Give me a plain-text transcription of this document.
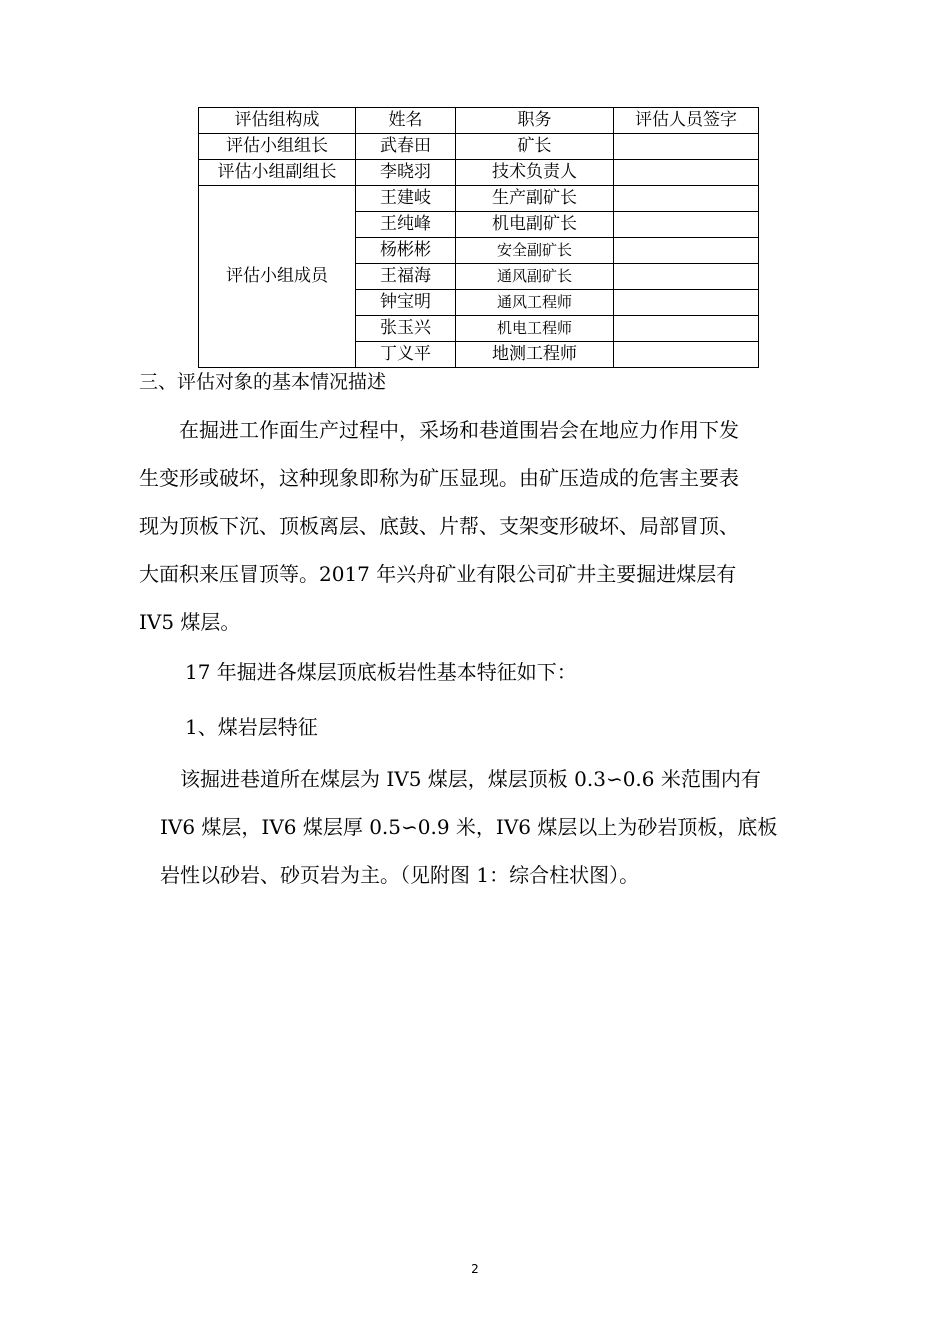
评估组构成	姓名	职务	评估人员签字
评估小组组长	武春田	矿长	
评估小组副组长	李晓羽	技术负责人	
评估小组成员	王建岐	生产副矿长	
	王纯峰	机电副矿长	
	杨彬彬	安全副矿长	
	王福海	通风副矿长	
	钟宝明	通风工程师	
	张玉兴	机电工程师	
	丁义平	地测工程师	
三、评估对象的基本情况描述
　　在掘进工作面生产过程中，采场和巷道围岩会在地应力作用下发
生变形或破坏，这种现象即称为矿压显现。由矿压造成的危害主要表
现为顶板下沉、顶板离层、底鼓、片帮、支架变形破坏、局部冒顶、
大面积来压冒顶等。2017 年兴舟矿业有限公司矿井主要掘进煤层有
IV5 煤层。
17 年掘进各煤层顶底板岩性基本特征如下：
1、煤岩层特征
　该掘进巷道所在煤层为 IV5 煤层，煤层顶板 0.3∽0.6 米范围内有
IV6 煤层，IV6 煤层厚 0.5∽0.9 米，IV6 煤层以上为砂岩顶板，底板
岩性以砂岩、砂页岩为主。（见附图 1：综合柱状图）。
2
